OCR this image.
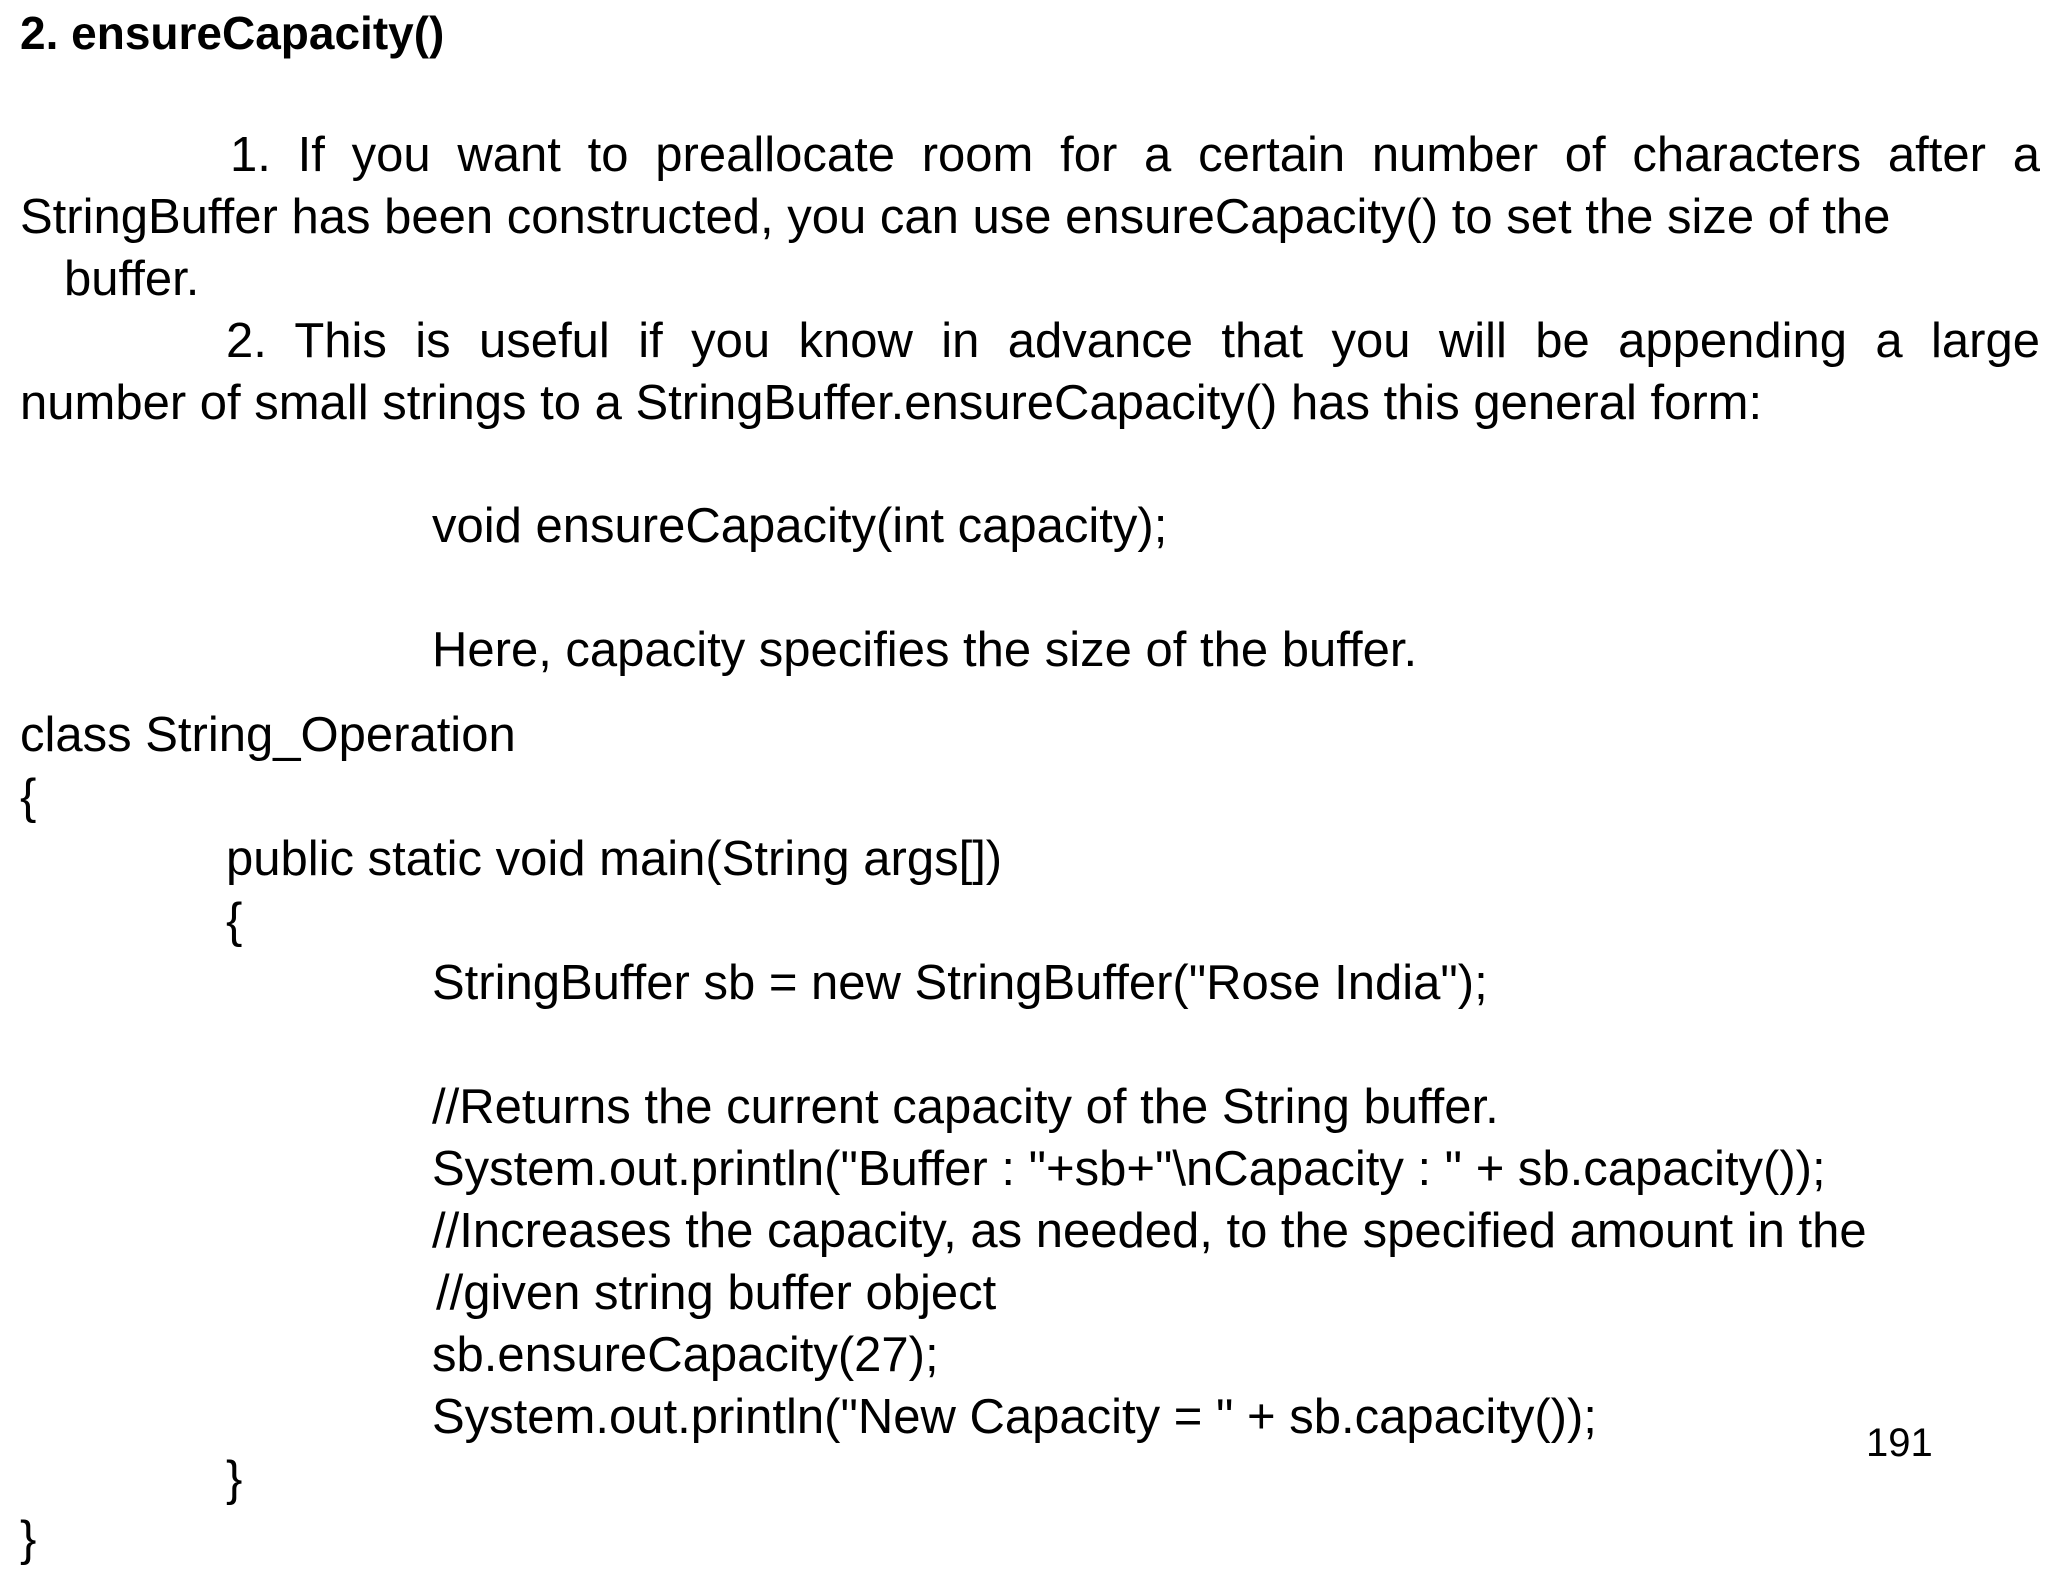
2. ensureCapacity()
1. If you want to preallocate room for a certain number of characters after a
StringBuffer has been constructed, you can use ensureCapacity() to set the size of the
buffer.
2. This is useful if you know in advance that you will be appending a large
number of small strings to a StringBuffer.ensureCapacity() has this general form:
void ensureCapacity(int capacity);
Here, capacity specifies the size of the buffer.
class String_Operation
{
public static void main(String args[])
{
StringBuffer sb = new StringBuffer("Rose India");
//Returns the current capacity of the String buffer.
System.out.println("Buffer : "+sb+"\nCapacity : " + sb.capacity());
//Increases the capacity, as needed, to the specified amount in the
//given string buffer object
sb.ensureCapacity(27);
System.out.println("New Capacity = " + sb.capacity());
}
}
191
